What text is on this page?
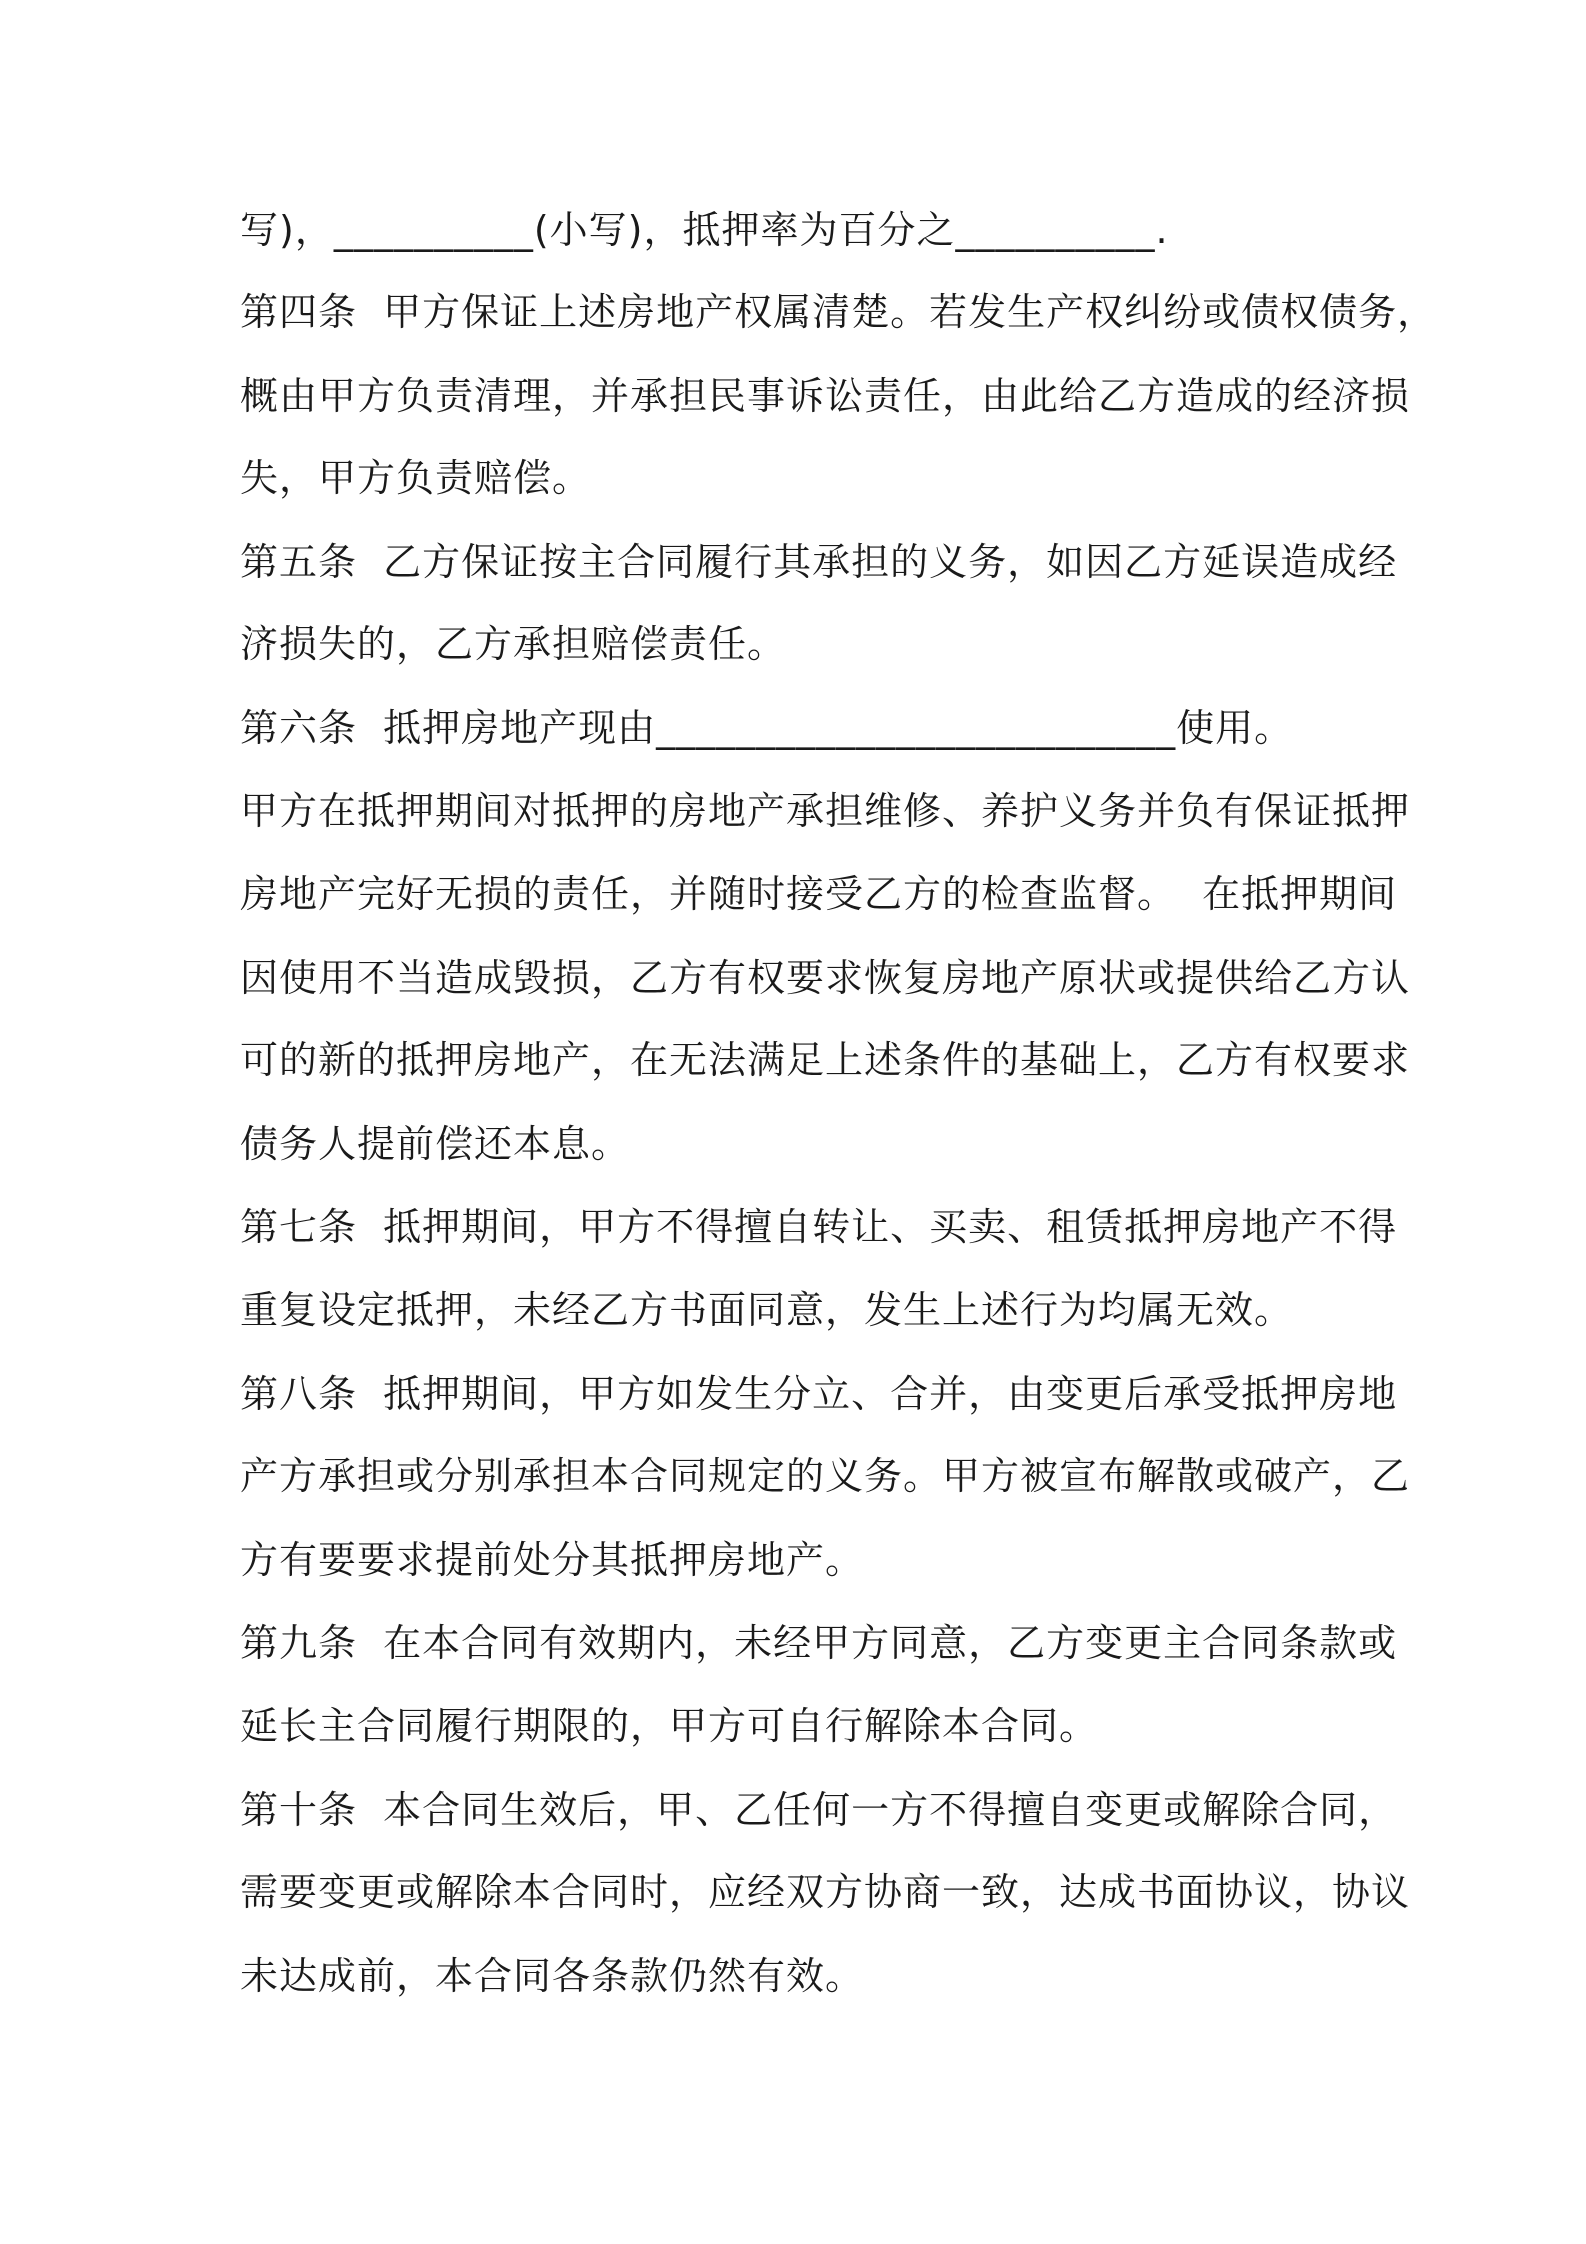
写)，__________(小写)，抵押率为百分之__________.

第四条  甲方保证上述房地产权属清楚。若发生产权纠纷或债权债务，

概由甲方负责清理，并承担民事诉讼责任，由此给乙方造成的经济损

失，甲方负责赔偿。

第五条  乙方保证按主合同履行其承担的义务，如因乙方延误造成经

济损失的，乙方承担赔偿责任。

第六条  抵押房地产现由__________________________使用。

甲方在抵押期间对抵押的房地产承担维修、养护义务并负有保证抵押

房地产完好无损的责任，并随时接受乙方的检查监督。  在抵押期间

因使用不当造成毁损，乙方有权要求恢复房地产原状或提供给乙方认

可的新的抵押房地产，在无法满足上述条件的基础上，乙方有权要求

债务人提前偿还本息。

第七条  抵押期间，甲方不得擅自转让、买卖、租赁抵押房地产不得

重复设定抵押，未经乙方书面同意，发生上述行为均属无效。

第八条  抵押期间，甲方如发生分立、合并，由变更后承受抵押房地

产方承担或分别承担本合同规定的义务。甲方被宣布解散或破产，乙

方有要要求提前处分其抵押房地产。

第九条  在本合同有效期内，未经甲方同意，乙方变更主合同条款或

延长主合同履行期限的，甲方可自行解除本合同。

第十条  本合同生效后，甲、乙任何一方不得擅自变更或解除合同，

需要变更或解除本合同时，应经双方协商一致，达成书面协议，协议

未达成前，本合同各条款仍然有效。
